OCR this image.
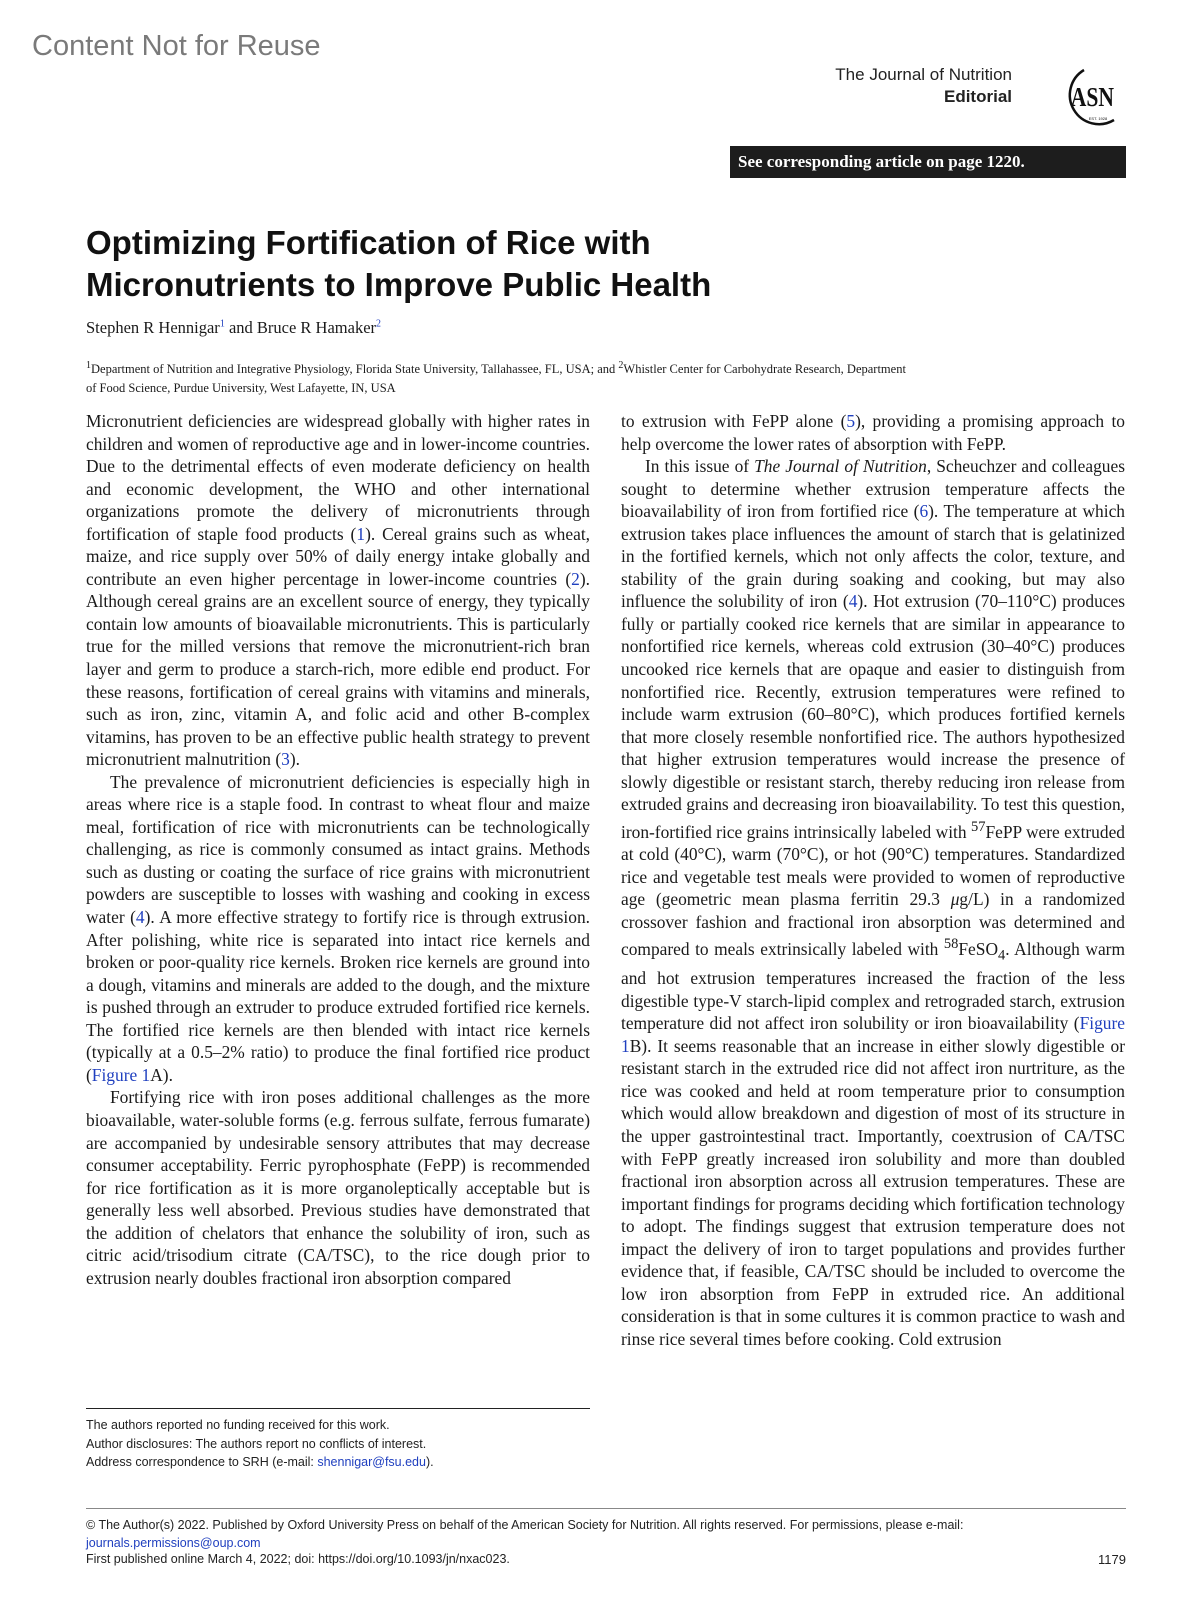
Content Not for Reuse
The Journal of Nutrition
Editorial ASN
EST. 1928
See corresponding article on page 1220.
Optimizing Fortification of Rice with
Micronutrients to Improve Public Health
Stephen R Hennigar$^1$ and Bruce R Hamaker$^2$
$^1$Department of Nutrition and Integrative Physiology, Florida State University, Tallahassee, FL, USA; and $^2$Whistler Center for Carbohydrate Research, Department of Food Science, Purdue University, West Lafayette, IN, USA

Micronutrient deficiencies are widespread globally with higher rates in children and women of reproductive age and in lower-income countries. Due to the detrimental effects of even moderate deficiency on health and economic development, the WHO and other international organizations promote the delivery of micronutrients through fortification of staple food products (1). Cereal grains such as wheat, maize, and rice supply over 50% of daily energy intake globally and contribute an even higher percentage in lower-income countries (2). Although cereal grains are an excellent source of energy, they typically contain low amounts of bioavailable micronutrients. This is particularly true for the milled versions that remove the micronutrient-rich bran layer and germ to produce a starch-rich, more edible end product. For these reasons, fortification of cereal grains with vitamins and minerals, such as iron, zinc, vitamin A, and folic acid and other B-complex vitamins, has proven to be an effective public health strategy to prevent micronutrient malnutrition (3).

The prevalence of micronutrient deficiencies is especially high in areas where rice is a staple food. In contrast to wheat flour and maize meal, fortification of rice with micronutrients can be technologically challenging, as rice is commonly consumed as intact grains. Methods such as dusting or coating the surface of rice grains with micronutrient powders are susceptible to losses with washing and cooking in excess water (4). A more effective strategy to fortify rice is through extrusion. After polishing, white rice is separated into intact rice kernels and broken or poor-quality rice kernels. Broken rice kernels are ground into a dough, vitamins and minerals are added to the dough, and the mixture is pushed through an extruder to produce extruded fortified rice kernels. The fortified rice kernels are then blended with intact rice kernels (typically at a 0.5–2% ratio) to produce the final fortified rice product (Figure 1A).

Fortifying rice with iron poses additional challenges as the more bioavailable, water-soluble forms (e.g. ferrous sulfate, ferrous fumarate) are accompanied by undesirable sensory attributes that may decrease consumer acceptability. Ferric pyrophosphate (FePP) is recommended for rice fortification as it is more organoleptically acceptable but is generally less well absorbed. Previous studies have demonstrated that the addition of chelators that enhance the solubility of iron, such as citric acid/trisodium citrate (CA/TSC), to the rice dough prior to extrusion nearly doubles fractional iron absorption compared

to extrusion with FePP alone (5), providing a promising approach to help overcome the lower rates of absorption with FePP.

In this issue of The Journal of Nutrition, Scheuchzer and colleagues sought to determine whether extrusion temperature affects the bioavailability of iron from fortified rice (6). The temperature at which extrusion takes place influences the amount of starch that is gelatinized in the fortified kernels, which not only affects the color, texture, and stability of the grain during soaking and cooking, but may also influence the solubility of iron (4). Hot extrusion (70–110°C) produces fully or partially cooked rice kernels that are similar in appearance to nonfortified rice kernels, whereas cold extrusion (30–40°C) produces uncooked rice kernels that are opaque and easier to distinguish from nonfortified rice. Recently, extrusion temperatures were refined to include warm extrusion (60–80°C), which produces fortified kernels that more closely resemble nonfortified rice. The authors hypothesized that higher extrusion temperatures would increase the presence of slowly digestible or resistant starch, thereby reducing iron release from extruded grains and decreasing iron bioavailability. To test this question, iron-fortified rice grains intrinsically labeled with $^{57}$FePP were extruded at cold (40°C), warm (70°C), or hot (90°C) temperatures. Standardized rice and vegetable test meals were provided to women of reproductive age (geometric mean plasma ferritin 29.3 μg/L) in a randomized crossover fashion and fractional iron absorption was determined and compared to meals extrinsically labeled with $^{58}$FeSO$_4$. Although warm and hot extrusion temperatures increased the fraction of the less digestible type-V starch-lipid complex and retrograded starch, extrusion temperature did not affect iron solubility or iron bioavailability (Figure 1B). It seems reasonable that an increase in either slowly digestible or resistant starch in the extruded rice did not affect iron nurtriture, as the rice was cooked and held at room temperature prior to consumption which would allow breakdown and digestion of most of its structure in the upper gastrointestinal tract. Importantly, coextrusion of CA/TSC with FePP greatly increased iron solubility and more than doubled fractional iron absorption across all extrusion temperatures. These are important findings for programs deciding which fortification technology to adopt. The findings suggest that extrusion temperature does not impact the delivery of iron to target populations and provides further evidence that, if feasible, CA/TSC should be included to overcome the low iron absorption from FePP in extruded rice. An additional consideration is that in some cultures it is common practice to wash and rinse rice several times before cooking. Cold extrusion

The authors reported no funding received for this work.
Author disclosures: The authors report no conflicts of interest.
Address correspondence to SRH (e-mail: shennigar@fsu.edu).
© The Author(s) 2022. Published by Oxford University Press on behalf of the American Society for Nutrition. All rights reserved. For permissions, please e-mail: journals.permissions@oup.com
First published online March 4, 2022; doi: https://doi.org/10.1093/jn/nxac023.	1179
